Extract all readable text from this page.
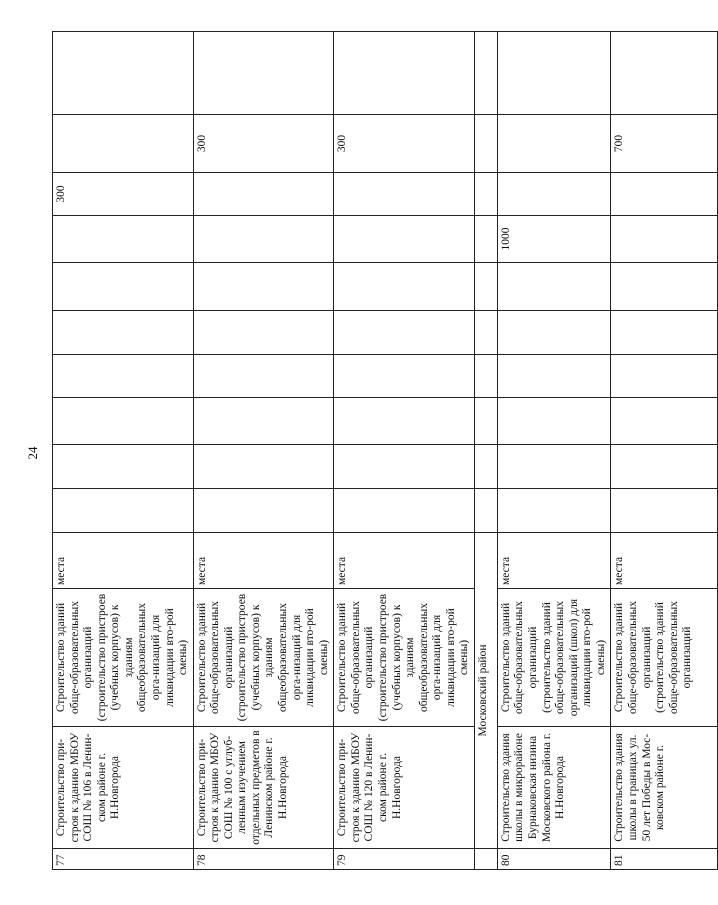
24
77	Строительство при-строя к зданию МБОУ СОШ № 106 в Ленин-ском районе г. Н.Новгорода	Строительство зданий обще-образовательных организаций (строительство пристроев (учебных корпусов) к зданиям общеобразовательных орга-низаций для ликвидации вто-рой смены)	места								300		
78	Строительство при-строя к зданию МБОУ СОШ № 100 с углуб-ленным изучением отдельных предметов в Ленинском районе г. Н.Новгорода	Строительство зданий обще-образовательных организаций (строительство пристроев (учебных корпусов) к зданиям общеобразовательных орга-низаций для ликвидации вто-рой смены)	места									300	
79	Строительство при-строя к зданию МБОУ СОШ № 120 в Ленин-ском районе г. Н.Новгорода	Строительство зданий обще-образовательных организаций (строительство пристроев (учебных корпусов) к зданиям общеобразовательных орга-низаций для ликвидации вто-рой смены)	места									300	
	Московский район												
80	Строительство здания школы в микрорайоне Бурнаковская низина Московского района г. Н.Новгорода	Строительство зданий обще-образовательных организаций (строительство зданий обще-образовательных организаций (школ) для ликвидации вто-рой смены)	места							1000			
81	Строительство здания школы в границах ул. 50 лет Победы в Мос-ковском районе г.	Строительство зданий обще-образовательных организаций (строительство зданий обще-образовательных организаций	места									700	
